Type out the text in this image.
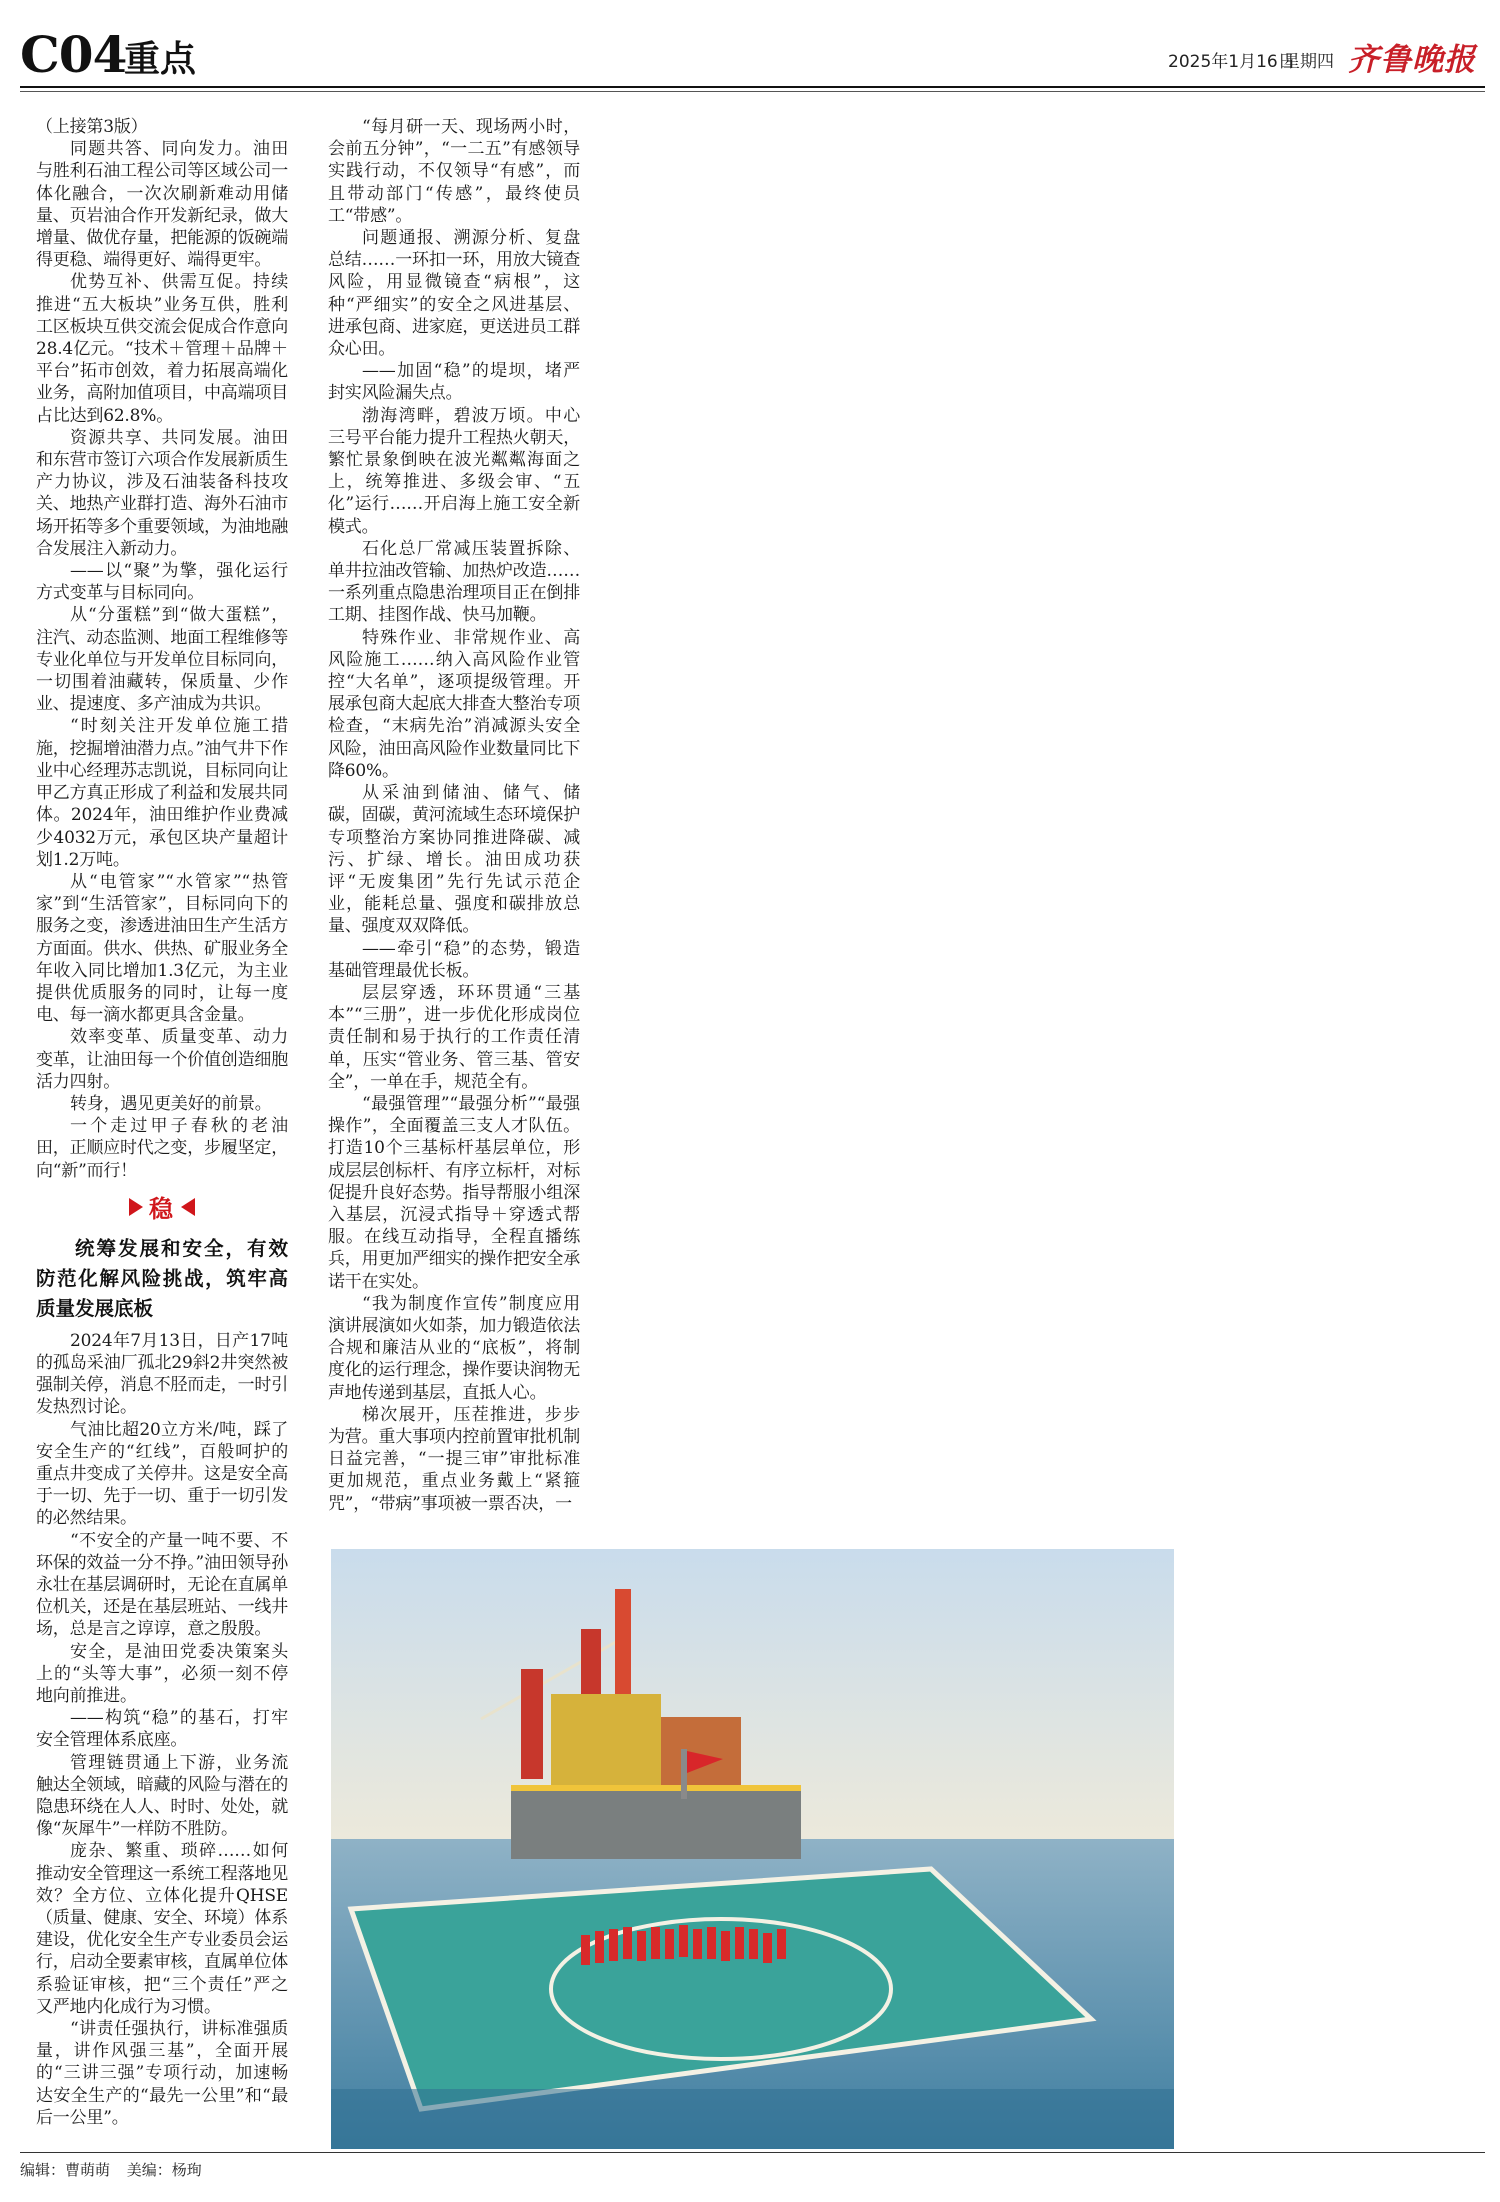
C04
重点	2025年1月16日
星期四 齐鲁晚报
（上接第3版）
同题共答、同向发力。油田与胜利石油工程公司等区域公司一体化融合，一次次刷新难动用储量、页岩油合作开发新纪录，做大增量、做优存量，把能源的饭碗端得更稳、端得更好、端得更牢。
优势互补、供需互促。持续推进“五大板块”业务互供，胜利工区板块互供交流会促成合作意向28.4亿元。“技术＋管理＋品牌＋平台”拓市创效，着力拓展高端化业务，高附加值项目，中高端项目占比达到62.8%。
资源共享、共同发展。油田和东营市签订六项合作发展新质生产力协议，涉及石油装备科技攻关、地热产业群打造、海外石油市场开拓等多个重要领域，为油地融合发展注入新动力。
——以“聚”为擎，强化运行方式变革与目标同向。
从“分蛋糕”到“做大蛋糕”，注汽、动态监测、地面工程维修等专业化单位与开发单位目标同向，一切围着油藏转，保质量、少作业、提速度、多产油成为共识。
“时刻关注开发单位施工措施，挖掘增油潜力点。”油气井下作业中心经理苏志凯说，目标同向让甲乙方真正形成了利益和发展共同体。2024年，油田维护作业费减少4032万元，承包区块产量超计划1.2万吨。
从“电管家”“水管家”“热管家”到“生活管家”，目标同向下的服务之变，渗透进油田生产生活方方面面。供水、供热、矿服业务全年收入同比增加1.3亿元，为主业提供优质服务的同时，让每一度电、每一滴水都更具含金量。
效率变革、质量变革、动力变革，让油田每一个价值创造细胞活力四射。
转身，遇见更美好的前景。
一个走过甲子春秋的老油田，正顺应时代之变，步履坚定，向“新”而行！
稳
统筹发展和安全，有效防范化解风险挑战，筑牢高质量发展底板
2024年7月13日，日产17吨的孤岛采油厂孤北29斜2井突然被强制关停，消息不胫而走，一时引发热烈讨论。
气油比超20立方米/吨，踩了安全生产的“红线”，百般呵护的重点井变成了关停井。这是安全高于一切、先于一切、重于一切引发的必然结果。
“不安全的产量一吨不要、不环保的效益一分不挣。”油田领导孙永壮在基层调研时，无论在直属单位机关，还是在基层班站、一线井场，总是言之谆谆，意之殷殷。
安全，是油田党委决策案头上的“头等大事”，必须一刻不停地向前推进。
——构筑“稳”的基石，打牢安全管理体系底座。
管理链贯通上下游，业务流触达全领域，暗藏的风险与潜在的隐患环绕在人人、时时、处处，就像“灰犀牛”一样防不胜防。
庞杂、繁重、琐碎……如何推动安全管理这一系统工程落地见效？全方位、立体化提升QHSE（质量、健康、安全、环境）体系建设，优化安全生产专业委员会运行，启动全要素审核，直属单位体系验证审核，把“三个责任”严之又严地内化成行为习惯。
“讲责任强执行，讲标准强质量，讲作风强三基”，全面开展的“三讲三强”专项行动，加速畅达安全生产的“最先一公里”和“最后一公里”。
“每月研一天、现场两小时，会前五分钟”，“一二五”有感领导实践行动，不仅领导“有感”，而且带动部门“传感”，最终使员工“带感”。
问题通报、溯源分析、复盘总结……一环扣一环，用放大镜查风险，用显微镜查“病根”，这种“严细实”的安全之风进基层、进承包商、进家庭，更送进员工群众心田。
——加固“稳”的堤坝，堵严封实风险漏失点。
渤海湾畔，碧波万顷。中心三号平台能力提升工程热火朝天，繁忙景象倒映在波光粼粼海面之上，统筹推进、多级会审、“五化”运行……开启海上施工安全新模式。
石化总厂常减压装置拆除、单井拉油改管输、加热炉改造……一系列重点隐患治理项目正在倒排工期、挂图作战、快马加鞭。
特殊作业、非常规作业、高风险施工……纳入高风险作业管控“大名单”，逐项提级管理。开展承包商大起底大排查大整治专项检查，“末病先治”消减源头安全风险，油田高风险作业数量同比下降60%。
从采油到储油、储气、储碳，固碳，黄河流域生态环境保护专项整治方案协同推进降碳、减污、扩绿、增长。油田成功获评“无废集团”先行先试示范企业，能耗总量、强度和碳排放总量、强度双双降低。
——牵引“稳”的态势，锻造基础管理最优长板。
层层穿透，环环贯通“三基本”“三册”，进一步优化形成岗位责任制和易于执行的工作责任清单，压实“管业务、管三基、管安全”，一单在手，规范全有。
“最强管理”“最强分析”“最强操作”，全面覆盖三支人才队伍。打造10个三基标杆基层单位，形成层层创标杆、有序立标杆，对标促提升良好态势。指导帮服小组深入基层，沉浸式指导＋穿透式帮服。在线互动指导，全程直播练兵，用更加严细实的操作把安全承诺干在实处。
“我为制度作宣传”制度应用演讲展演如火如荼，加力锻造依法合规和廉洁从业的“底板”，将制度化的运行理念，操作要诀润物无声地传递到基层，直抵人心。
梯次展开，压茬推进，步步为营。重大事项内控前置审批机制日益完善，“一提三审”审批标准更加规范，重点业务戴上“紧箍咒”，“带病”事项被一票否决，一
编辑：曹萌萌 美编：杨珣
